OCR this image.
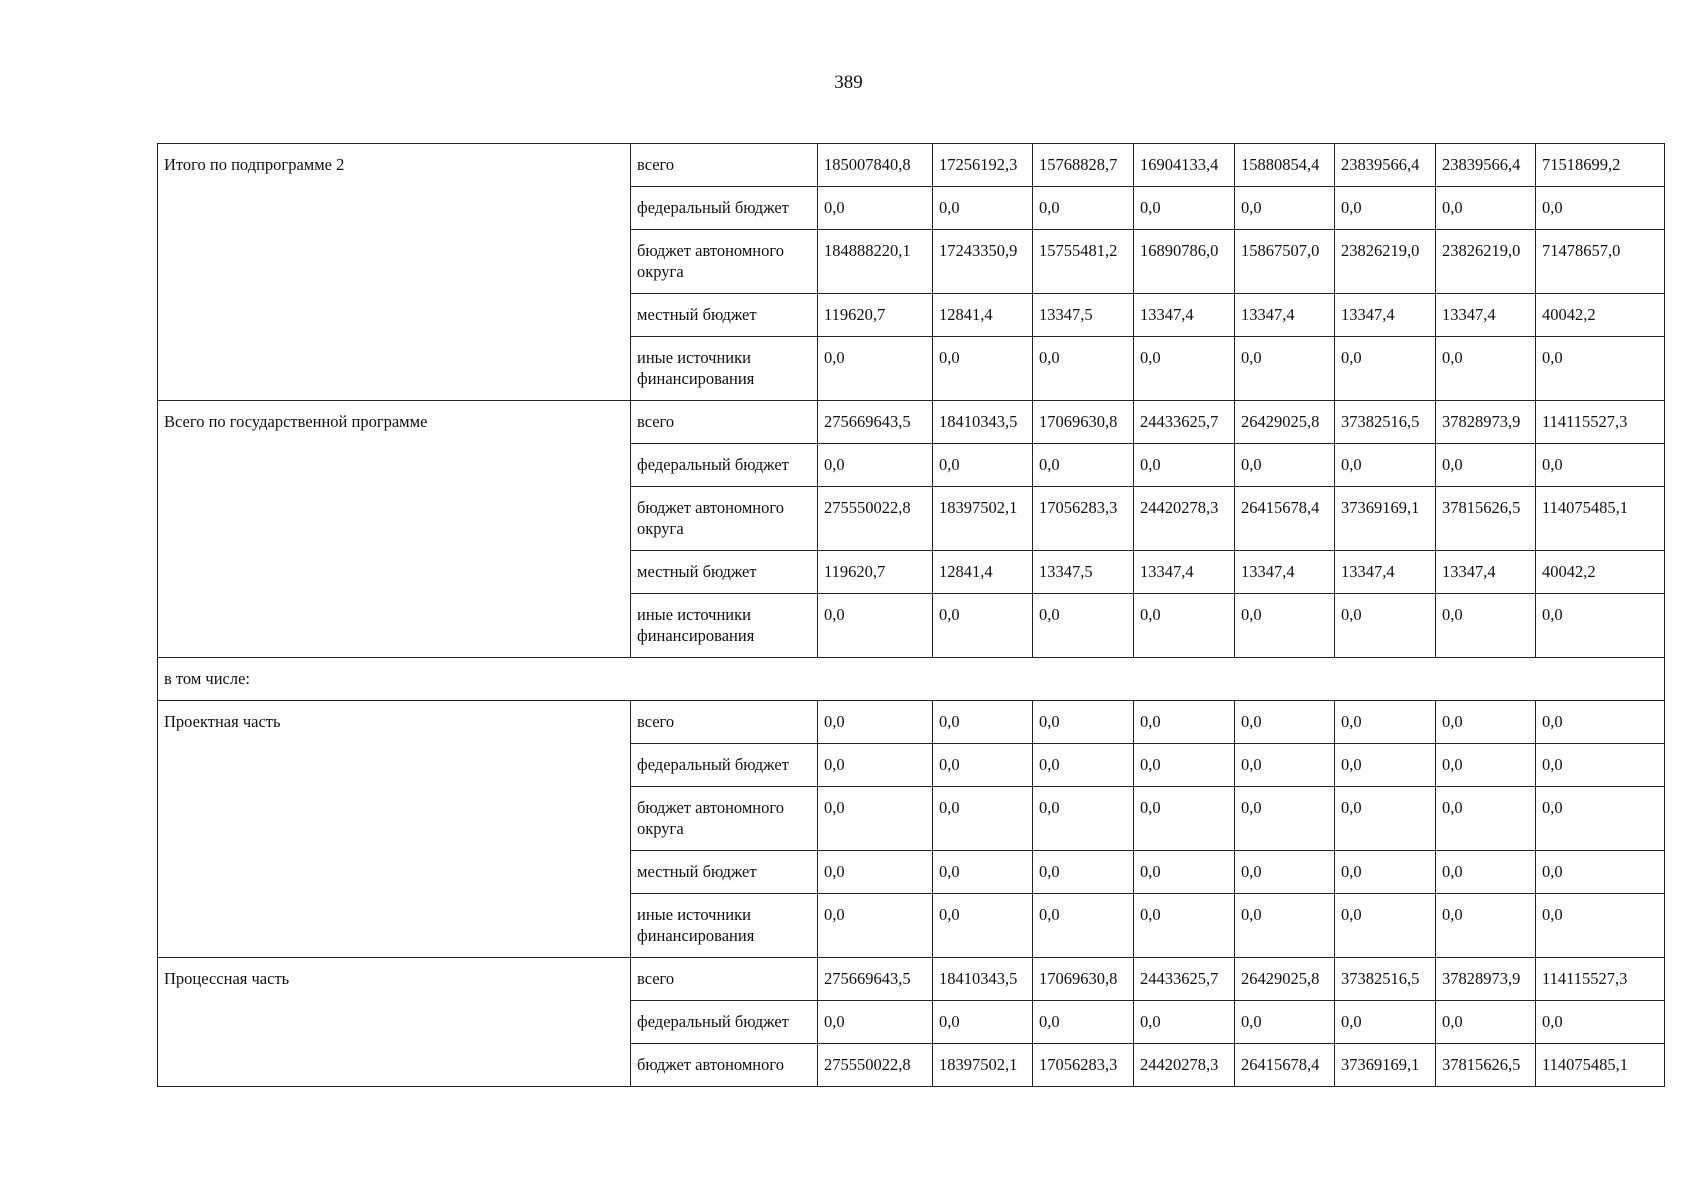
389
Итого по подпрограмме 2	всего	185007840,8	17256192,3	15768828,7	16904133,4	15880854,4	23839566,4	23839566,4	71518699,2
	федеральный бюджет	0,0	0,0	0,0	0,0	0,0	0,0	0,0	0,0
	бюджет автономного округа	184888220,1	17243350,9	15755481,2	16890786,0	15867507,0	23826219,0	23826219,0	71478657,0
	местный бюджет	119620,7	12841,4	13347,5	13347,4	13347,4	13347,4	13347,4	40042,2
	иные источники финансирования	0,0	0,0	0,0	0,0	0,0	0,0	0,0	0,0
Всего по государственной программе	всего	275669643,5	18410343,5	17069630,8	24433625,7	26429025,8	37382516,5	37828973,9	114115527,3
	федеральный бюджет	0,0	0,0	0,0	0,0	0,0	0,0	0,0	0,0
	бюджет автономного округа	275550022,8	18397502,1	17056283,3	24420278,3	26415678,4	37369169,1	37815626,5	114075485,1
	местный бюджет	119620,7	12841,4	13347,5	13347,4	13347,4	13347,4	13347,4	40042,2
	иные источники финансирования	0,0	0,0	0,0	0,0	0,0	0,0	0,0	0,0
в том числе:									
Проектная часть	всего	0,0	0,0	0,0	0,0	0,0	0,0	0,0	0,0
	федеральный бюджет	0,0	0,0	0,0	0,0	0,0	0,0	0,0	0,0
	бюджет автономного округа	0,0	0,0	0,0	0,0	0,0	0,0	0,0	0,0
	местный бюджет	0,0	0,0	0,0	0,0	0,0	0,0	0,0	0,0
	иные источники финансирования	0,0	0,0	0,0	0,0	0,0	0,0	0,0	0,0
Процессная часть	всего	275669643,5	18410343,5	17069630,8	24433625,7	26429025,8	37382516,5	37828973,9	114115527,3
	федеральный бюджет	0,0	0,0	0,0	0,0	0,0	0,0	0,0	0,0
	бюджет автономного	275550022,8	18397502,1	17056283,3	24420278,3	26415678,4	37369169,1	37815626,5	114075485,1
